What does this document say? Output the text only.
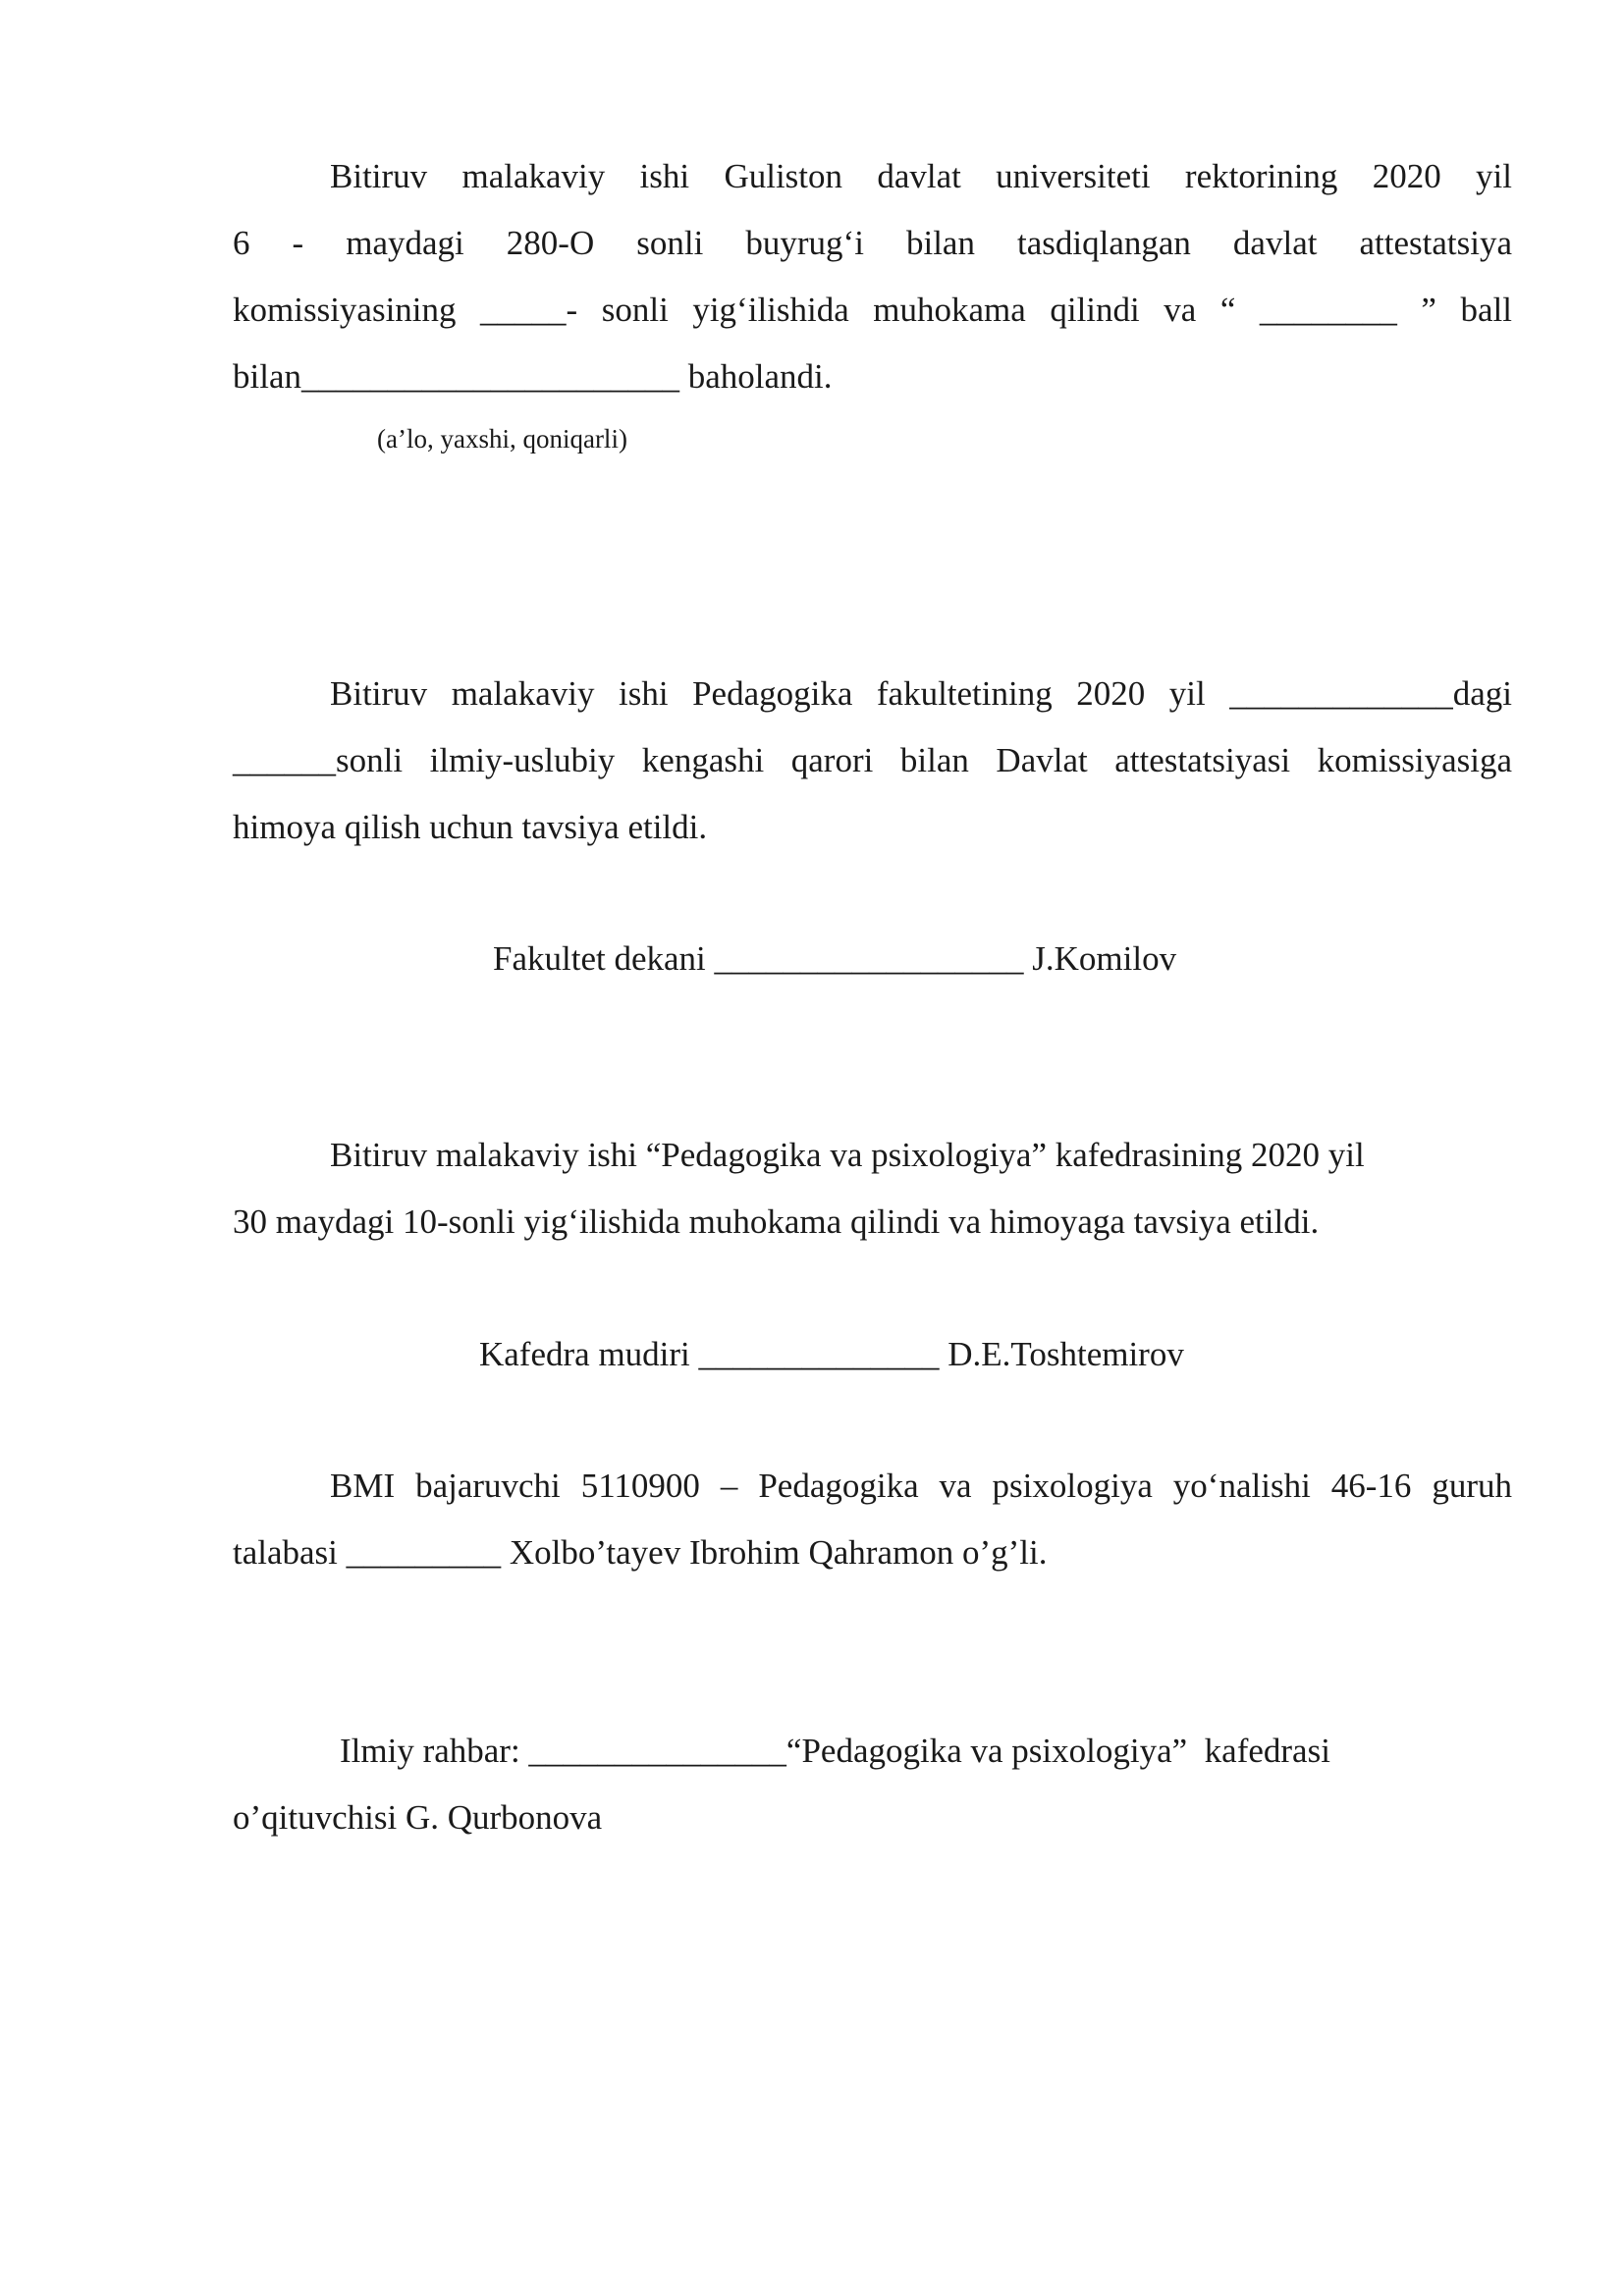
Bitiruv malakaviy ishi Guliston davlat universiteti rektorining 2020 yil

6 - maydagi 280-O sonli buyrug‘i bilan tasdiqlangan davlat attestatsiya

komissiyasining _____- sonli yig‘ilishida muhokama qilindi va “ ________ ” ball

bilan______________________ baholandi.

(a’lo, yaxshi, qoniqarli)

Bitiruv malakaviy ishi Pedagogika fakultetining 2020 yil _____________dagi

______sonli ilmiy-uslubiy kengashi qarori bilan Davlat attestatsiyasi komissiyasiga

himoya qilish uchun tavsiya etildi.

Fakultet dekani __________________ J.Komilov

Bitiruv malakaviy ishi “Pedagogika va psixologiya” kafedrasining 2020 yil

30 maydagi 10-sonli yig‘ilishida muhokama qilindi va himoyaga tavsiya etildi.

Kafedra mudiri ______________ D.E.Toshtemirov

BMI bajaruvchi 5110900 – Pedagogika va psixologiya yo‘nalishi 46-16 guruh

talabasi _________ Xolbo’tayev Ibrohim Qahramon o’g’li.

Ilmiy rahbar: _______________“Pedagogika va psixologiya”  kafedrasi

o’qituvchisi G. Qurbonova
